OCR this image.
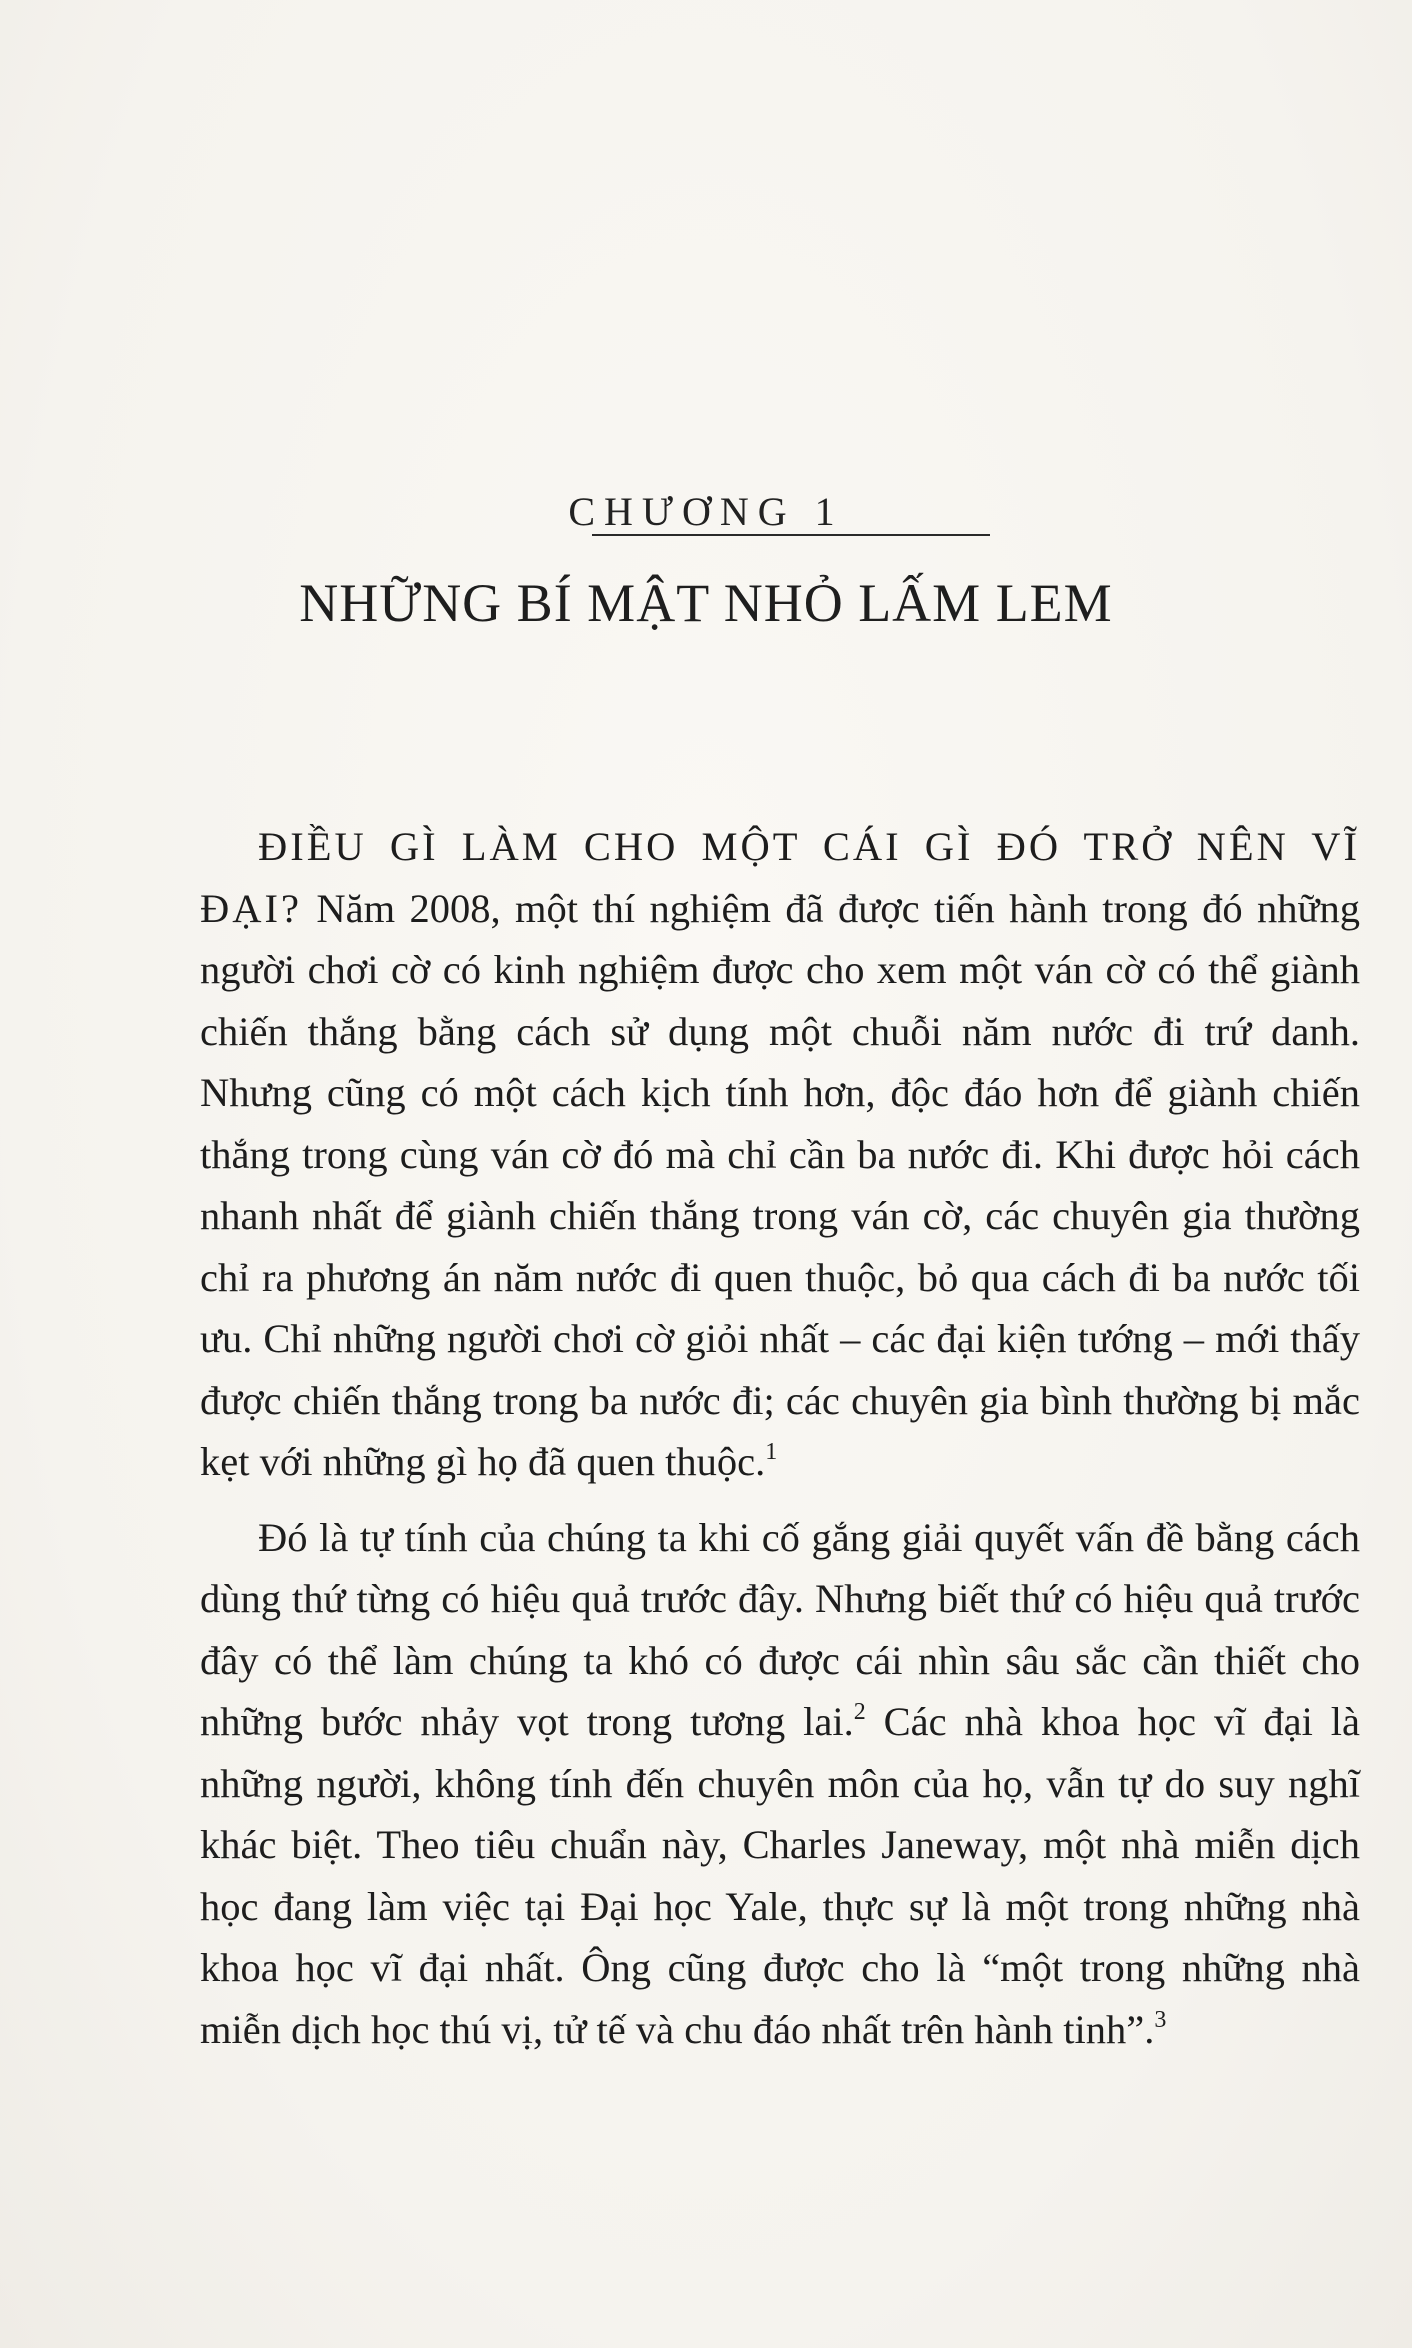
CHƯƠNG 1
NHỮNG BÍ MẬT NHỎ LẤM LEM

ĐIỀU GÌ LÀM CHO MỘT CÁI GÌ ĐÓ TRỞ NÊN VĨ ĐẠI? Năm 2008, một thí nghiệm đã được tiến hành trong đó những người chơi cờ có kinh nghiệm được cho xem một ván cờ có thể giành chiến thắng bằng cách sử dụng một chuỗi năm nước đi trứ danh. Nhưng cũng có một cách kịch tính hơn, độc đáo hơn để giành chiến thắng trong cùng ván cờ đó mà chỉ cần ba nước đi. Khi được hỏi cách nhanh nhất để giành chiến thắng trong ván cờ, các chuyên gia thường chỉ ra phương án năm nước đi quen thuộc, bỏ qua cách đi ba nước tối ưu. Chỉ những người chơi cờ giỏi nhất – các đại kiện tướng – mới thấy được chiến thắng trong ba nước đi; các chuyên gia bình thường bị mắc kẹt với những gì họ đã quen thuộc.$^1$

Đó là tự tính của chúng ta khi cố gắng giải quyết vấn đề bằng cách dùng thứ từng có hiệu quả trước đây. Nhưng biết thứ có hiệu quả trước đây có thể làm chúng ta khó có được cái nhìn sâu sắc cần thiết cho những bước nhảy vọt trong tương lai.$^2$ Các nhà khoa học vĩ đại là những người, không tính đến chuyên môn của họ, vẫn tự do suy nghĩ khác biệt. Theo tiêu chuẩn này, Charles Janeway, một nhà miễn dịch học đang làm việc tại Đại học Yale, thực sự là một trong những nhà khoa học vĩ đại nhất. Ông cũng được cho là “một trong những nhà miễn dịch học thú vị, tử tế và chu đáo nhất trên hành tinh”.$^3$
